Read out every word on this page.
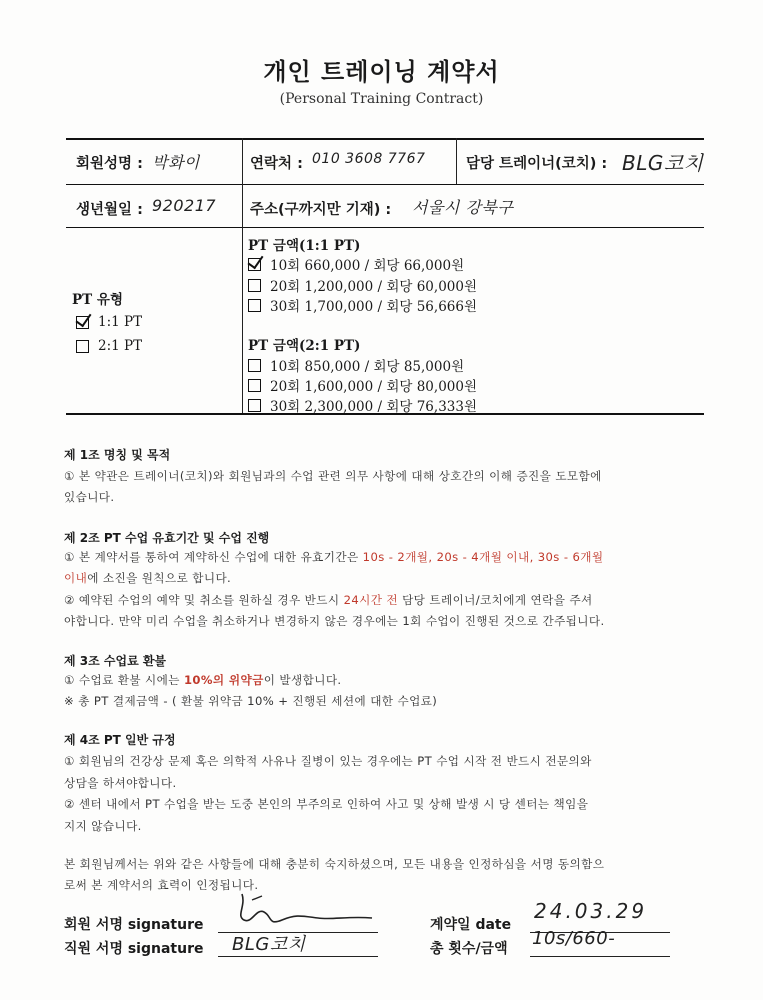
개인 트레이닝 계약서
(Personal Training Contract)
회원성명 : 박화이	연락처 : 010 3608 7767	담당 트레이너(코치) : BLG코치
생년월일 : 920217 주소(구까지만 기재) : 서울시 강북구
PT 유형
1:1 PT
2:1 PT
PT 금액(1:1 PT)
10회 660,000 / 회당 66,000원
20회 1,200,000 / 회당 60,000원
30회 1,700,000 / 회당 56,666원
PT 금액(2:1 PT)
10회 850,000 / 회당 85,000원
20회 1,600,000 / 회당 80,000원
30회 2,300,000 / 회당 76,333원
제 1조 명칭 및 목적
① 본 약관은 트레이너(코치)와 회원님과의 수업 관련 의무 사항에 대해 상호간의 이해 증진을 도모함에
있습니다.
제 2조 PT 수업 유효기간 및 수업 진행
① 본 계약서를 통하여 계약하신 수업에 대한 유효기간은 10s - 2개월, 20s - 4개월 이내, 30s - 6개월
이내에 소진을 원칙으로 합니다.
② 예약된 수업의 예약 및 취소를 원하실 경우 반드시 24시간 전 담당 트레이너/코치에게 연락을 주셔
야합니다. 만약 미리 수업을 취소하거나 변경하지 않은 경우에는 1회 수업이 진행된 것으로 간주됩니다.
제 3조 수업료 환불
① 수업료 환불 시에는 10%의 위약금이 발생합니다.
※ 총 PT 결제금액 - ( 환불 위약금 10% + 진행된 세션에 대한 수업료)
제 4조 PT 일반 규정
① 회원님의 건강상 문제 혹은 의학적 사유나 질병이 있는 경우에는 PT 수업 시작 전 반드시 전문의와
상담을 하셔야합니다.
② 센터 내에서 PT 수업을 받는 도중 본인의 부주의로 인하여 사고 및 상해 발생 시 당 센터는 책임을
지지 않습니다.
본 회원님께서는 위와 같은 사항들에 대해 충분히 숙지하셨으며, 모든 내용을 인정하심을 서명 동의함으
로써 본 계약서의 효력이 인정됩니다.
회원 서명 signature
직원 서명 signature
계약일 date
총 횟수/금액
BLG코치
24.03.29
10s/660-
